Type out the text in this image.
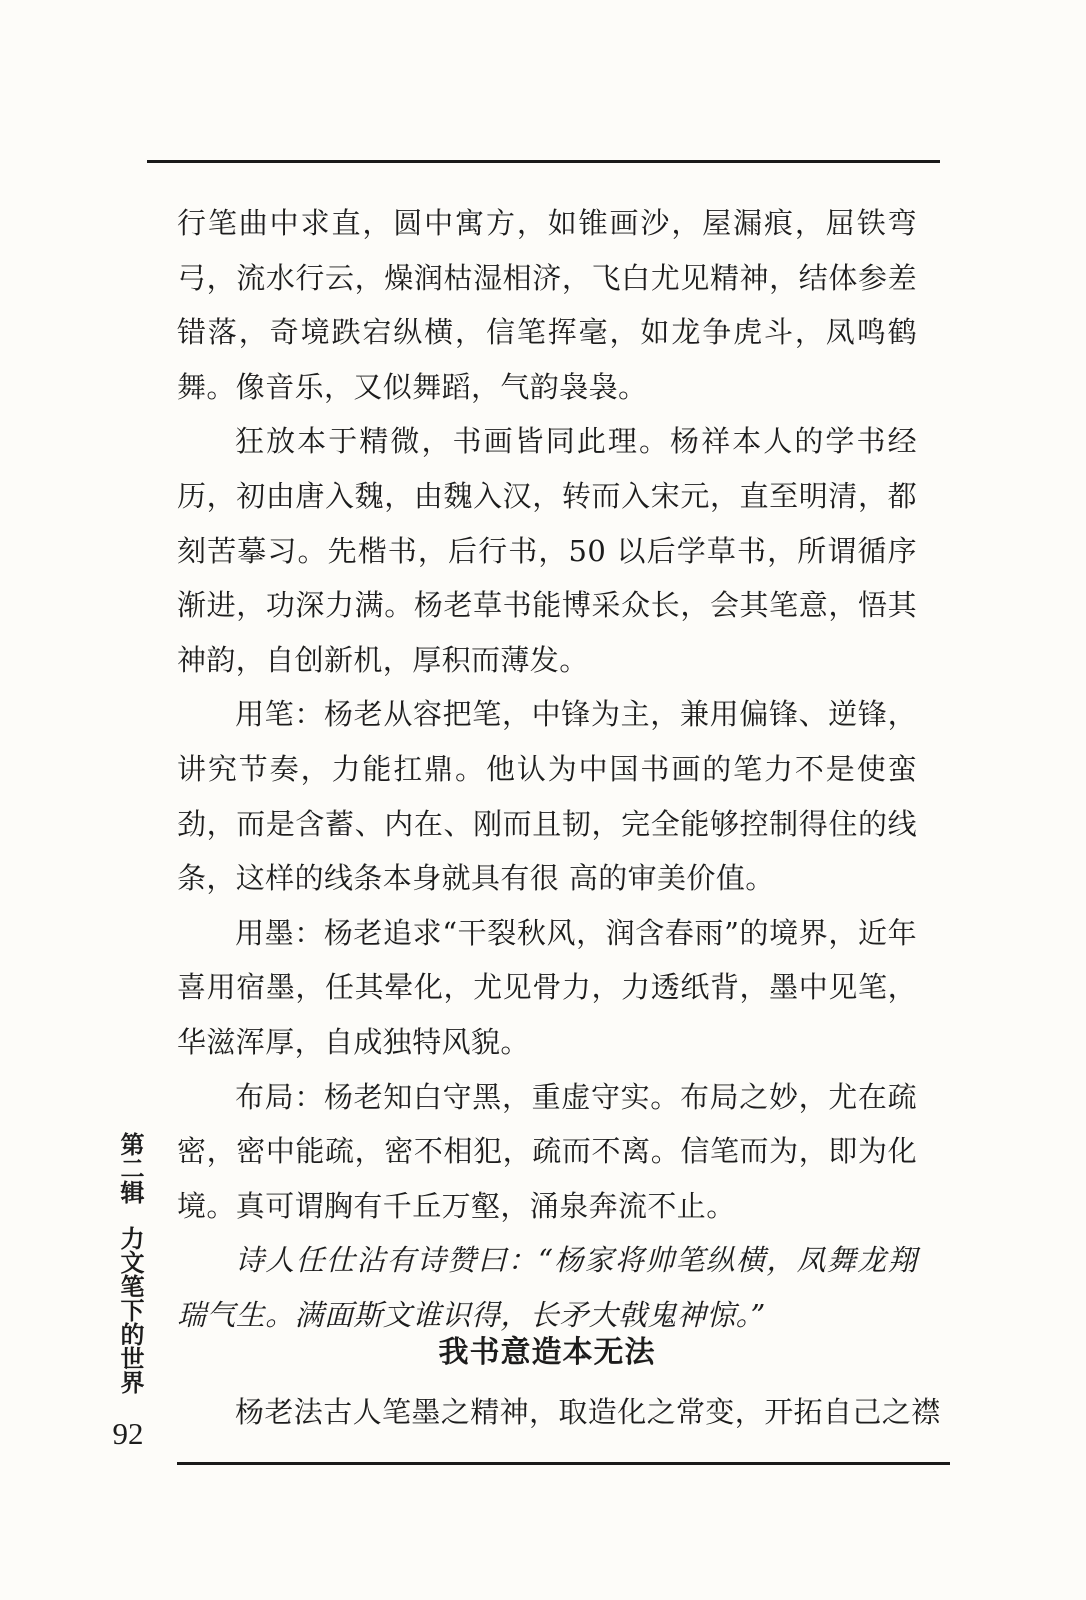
行笔曲中求直，圆中寓方，如锥画沙，屋漏痕，屈铁弯弓，流水行云，燥润枯湿相济，飞白尤见精神，结体参差错落，奇境跌宕纵横，信笔挥毫，如龙争虎斗，凤鸣鹤舞。像音乐，又似舞蹈，气韵袅袅。

狂放本于精微，书画皆同此理。杨祥本人的学书经历，初由唐入魏，由魏入汉，转而入宋元，直至明清，都刻苦摹习。先楷书，后行书，50 以后学草书，所谓循序渐进，功深力满。杨老草书能博采众长，会其笔意，悟其神韵，自创新机，厚积而薄发。

用笔：杨老从容把笔，中锋为主，兼用偏锋、逆锋，讲究节奏，力能扛鼎。他认为中国书画的笔力不是使蛮劲，而是含蓄、内在、刚而且韧，完全能够控制得住的线条，这样的线条本身就具有很 高的审美价值。

用墨：杨老追求“干裂秋风，润含春雨”的境界，近年喜用宿墨，任其晕化，尤见骨力，力透纸背，墨中见笔，华滋浑厚，自成独特风貌。

布局：杨老知白守黑，重虚守实。布局之妙，尤在疏密，密中能疏，密不相犯，疏而不离。信笔而为，即为化境。真可谓胸有千丘万壑，涌泉奔流不止。

诗人任仕沾有诗赞曰：“杨家将帅笔纵横，凤舞龙翔瑞气生。满面斯文谁识得，长矛大戟鬼神惊。”

我书意造本无法
杨老法古人笔墨之精神，取造化之常变，开拓自己之襟
第二辑力文笔下的世界
92
